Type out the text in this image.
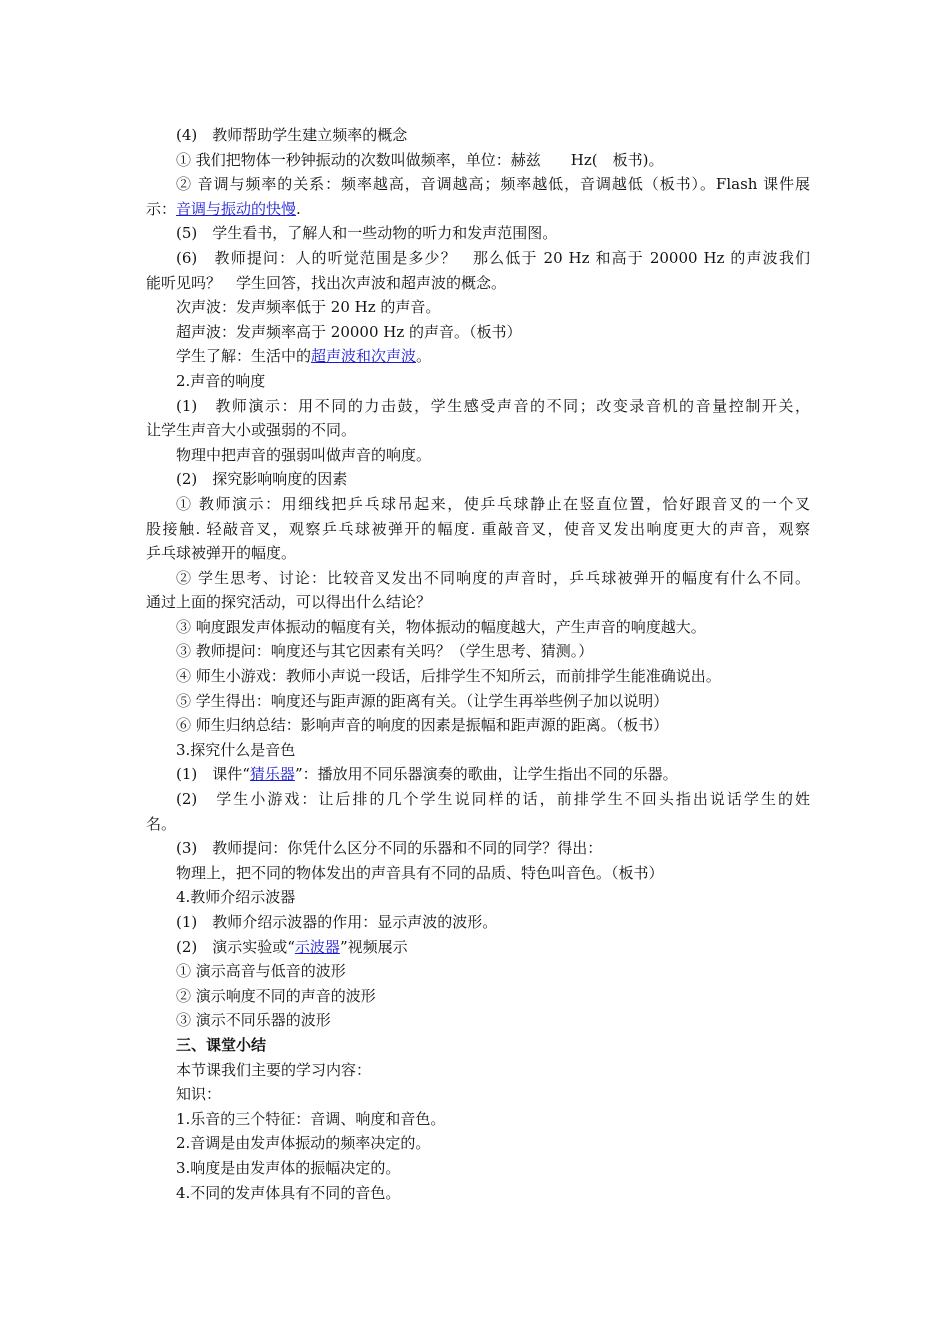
(4)　教师帮助学生建立频率的概念
① 我们把物体一秒钟振动的次数叫做频率，单位：赫兹　　Hz(　板书)。
② 音调与频率的关系：频率越高，音调越高；频率越低，音调越低（板书）。Flash 课件展
示：音调与振动的快慢.
(5)　学生看书，了解人和一些动物的听力和发声范围图。
(6)　教师提问：人的听觉范围是多少？　那么低于 20 Hz 和高于 20000 Hz 的声波我们
能听见吗？　学生回答，找出次声波和超声波的概念。
次声波：发声频率低于 20 Hz 的声音。
超声波：发声频率高于 20000 Hz 的声音。（板书）
学生了解：生活中的超声波和次声波。
2.声音的响度
(1)　教师演示：用不同的力击鼓，学生感受声音的不同；改变录音机的音量控制开关，
让学生声音大小或强弱的不同。
物理中把声音的强弱叫做声音的响度。
(2)　探究影响响度的因素
① 教师演示：用细线把乒乓球吊起来，使乒乓球静止在竖直位置，恰好跟音叉的一个叉
股接触. 轻敲音叉，观察乒乓球被弹开的幅度. 重敲音叉，使音叉发出响度更大的声音，观察
乒乓球被弹开的幅度。
② 学生思考、讨论：比较音叉发出不同响度的声音时，乒乓球被弹开的幅度有什么不同。
通过上面的探究活动，可以得出什么结论？
③ 响度跟发声体振动的幅度有关，物体振动的幅度越大，产生声音的响度越大。
③ 教师提问：响度还与其它因素有关吗？（学生思考、猜测。）
④ 师生小游戏：教师小声说一段话，后排学生不知所云，而前排学生能准确说出。
⑤ 学生得出：响度还与距声源的距离有关。（让学生再举些例子加以说明）
⑥ 师生归纳总结：影响声音的响度的因素是振幅和距声源的距离。（板书）
3.探究什么是音色
(1)　课件“猜乐器”：播放用不同乐器演奏的歌曲，让学生指出不同的乐器。
(2)　学生小游戏：让后排的几个学生说同样的话，前排学生不回头指出说话学生的姓
名。
(3)　教师提问：你凭什么区分不同的乐器和不同的同学？得出：
物理上，把不同的物体发出的声音具有不同的品质、特色叫音色。（板书）
4.教师介绍示波器
(1)　教师介绍示波器的作用：显示声波的波形。
(2)　演示实验或“示波器”视频展示
① 演示高音与低音的波形
② 演示响度不同的声音的波形
③ 演示不同乐器的波形
三、课堂小结
本节课我们主要的学习内容：
知识：
1.乐音的三个特征：音调、响度和音色。
2.音调是由发声体振动的频率决定的。
3.响度是由发声体的振幅决定的。
4.不同的发声体具有不同的音色。
